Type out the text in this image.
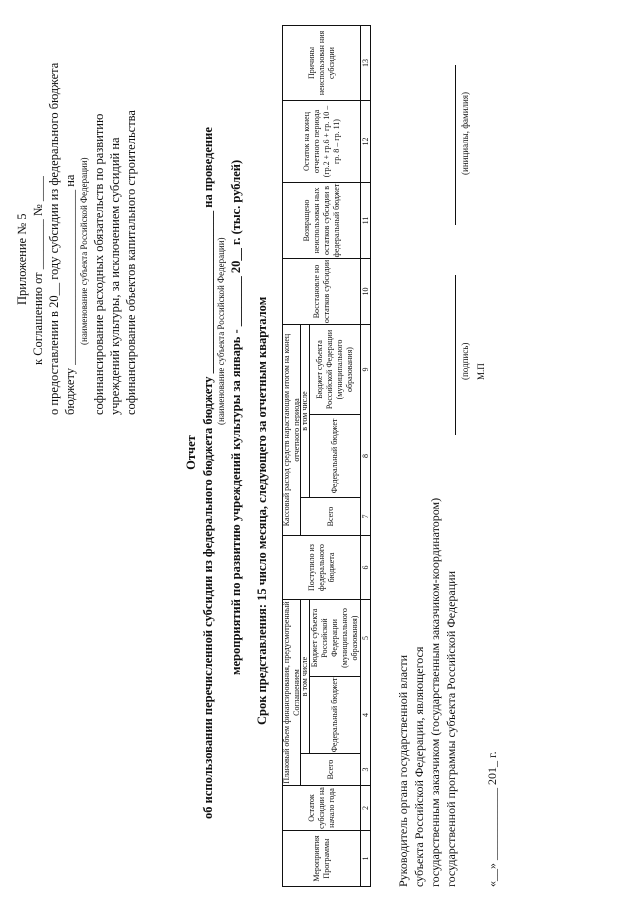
Приложение № 5 к Соглашению от ________ № ____ о предоставлении в 20__ году субсидии из федерального бюджета бюджету ____________________________ на (наименование субъекта Российской Федерации) софинансирование расходных обязательств по развитию учреждений культуры, за исключением субсидий на софинансирование объектов капитального строительства
Отчет об использовании перечисленной субсидии из федерального бюджета бюджету __________________________ на проведение (наименование субъекта Российской Федерации) мероприятий по развитию учреждений культуры за январь - ________ 20__ г. (тыс. рублей) Срок представления: 15 число месяца, следующего за отчетным кварталом
Мероприятия Программы
Остаток субсидии на начало года
Плановый объем финансирования, предусмотренный Соглашением
Всего
в том числе
Федеральный бюджет
Бюджет субъекта Российской Федерации (муниципального образования)
Поступило из федерального бюджета
Кассовый расход средств нарастающим итогом на конец отчетного периода
Всего
в том числе
Федеральный бюджет
Бюджет субъекта Российской Федерации (муниципального образования)
Восстановле но остатков субсидии
Возвращено неиспользован ных остатков субсидии в федеральный бюджет
Остаток на конец отчетного периода (гр.2 + гр.6 + гр. 10 – гр. 8 – гр. 11)
Причины неиспользован ния субсидии
1
2
3
4
5
6
7
8
9
10
11
12
13
Руководитель органа государственной власти субъекта Российской Федерации, являющегося государственным заказчиком (государственным заказчиком-координатором) государственной программы субъекта Российской Федерации
(подпись)
(инициалы, фамилия)
М.П
«__» ____________ 201_ г.
